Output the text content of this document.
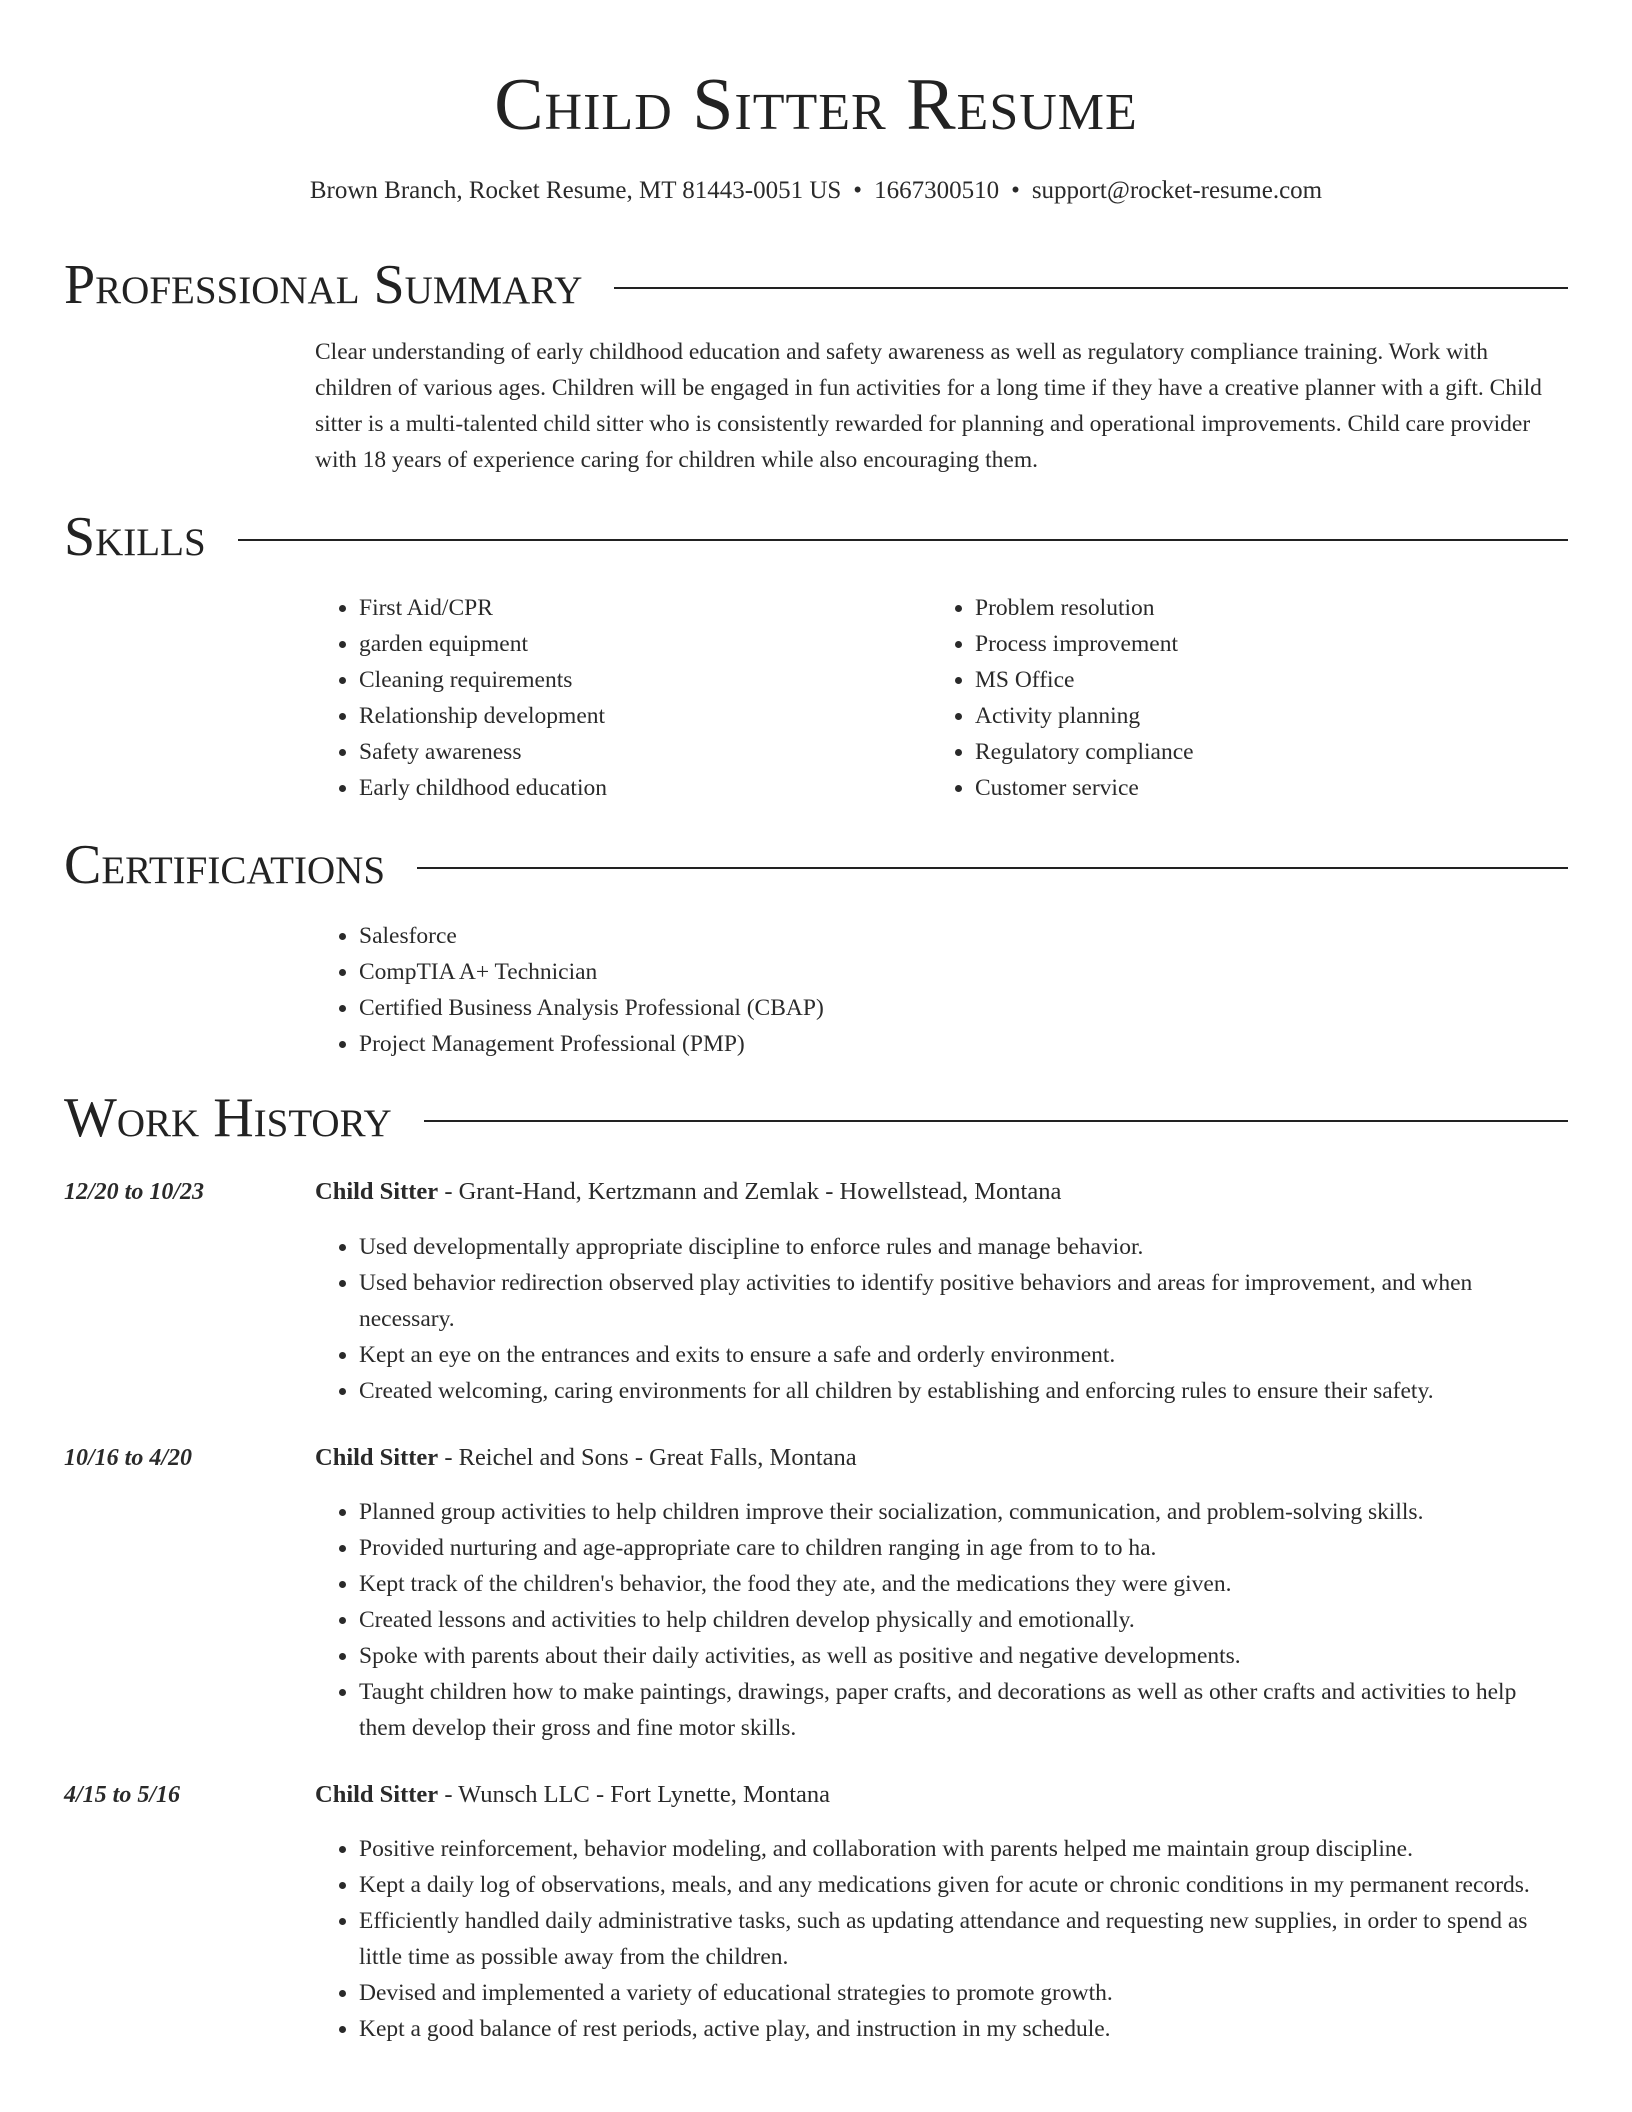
Child Sitter Resume
Brown Branch, Rocket Resume, MT 81443-0051 US • 1667300510 • support@rocket-resume.com
Professional Summary

Clear understanding of early childhood education and safety awareness as well as regulatory compliance training. Work with children of various ages. Children will be engaged in fun activities for a long time if they have a creative planner with a gift. Child sitter is a multi-talented child sitter who is consistently rewarded for planning and operational improvements. Child care provider with 18 years of experience caring for children while also encouraging them.

Skills
• First Aid/CPR
• garden equipment
• Cleaning requirements
• Relationship development
• Safety awareness
• Early childhood education
• Problem resolution
• Process improvement
• MS Office
• Activity planning
• Regulatory compliance
• Customer service
Certifications
• Salesforce
• CompTIA A+ Technician
• Certified Business Analysis Professional (CBAP)
• Project Management Professional (PMP)
Work History
12/20 to 10/23	Child Sitter - Grant-Hand, Kertzmann and Zemlak - Howellstead, Montana
• Used developmentally appropriate discipline to enforce rules and manage behavior.
• Used behavior redirection observed play activities to identify positive behaviors and areas for improvement, and when necessary.
• Kept an eye on the entrances and exits to ensure a safe and orderly environment.
• Created welcoming, caring environments for all children by establishing and enforcing rules to ensure their safety.
10/16 to 4/20	Child Sitter - Reichel and Sons - Great Falls, Montana
• Planned group activities to help children improve their socialization, communication, and problem-solving skills.
• Provided nurturing and age-appropriate care to children ranging in age from to to ha.
• Kept track of the children's behavior, the food they ate, and the medications they were given.
• Created lessons and activities to help children develop physically and emotionally.
• Spoke with parents about their daily activities, as well as positive and negative developments.
• Taught children how to make paintings, drawings, paper crafts, and decorations as well as other crafts and activities to help them develop their gross and fine motor skills.
4/15 to 5/16	Child Sitter - Wunsch LLC - Fort Lynette, Montana
• Positive reinforcement, behavior modeling, and collaboration with parents helped me maintain group discipline.
• Kept a daily log of observations, meals, and any medications given for acute or chronic conditions in my permanent records.
• Efficiently handled daily administrative tasks, such as updating attendance and requesting new supplies, in order to spend as little time as possible away from the children.
• Devised and implemented a variety of educational strategies to promote growth.
• Kept a good balance of rest periods, active play, and instruction in my schedule.
